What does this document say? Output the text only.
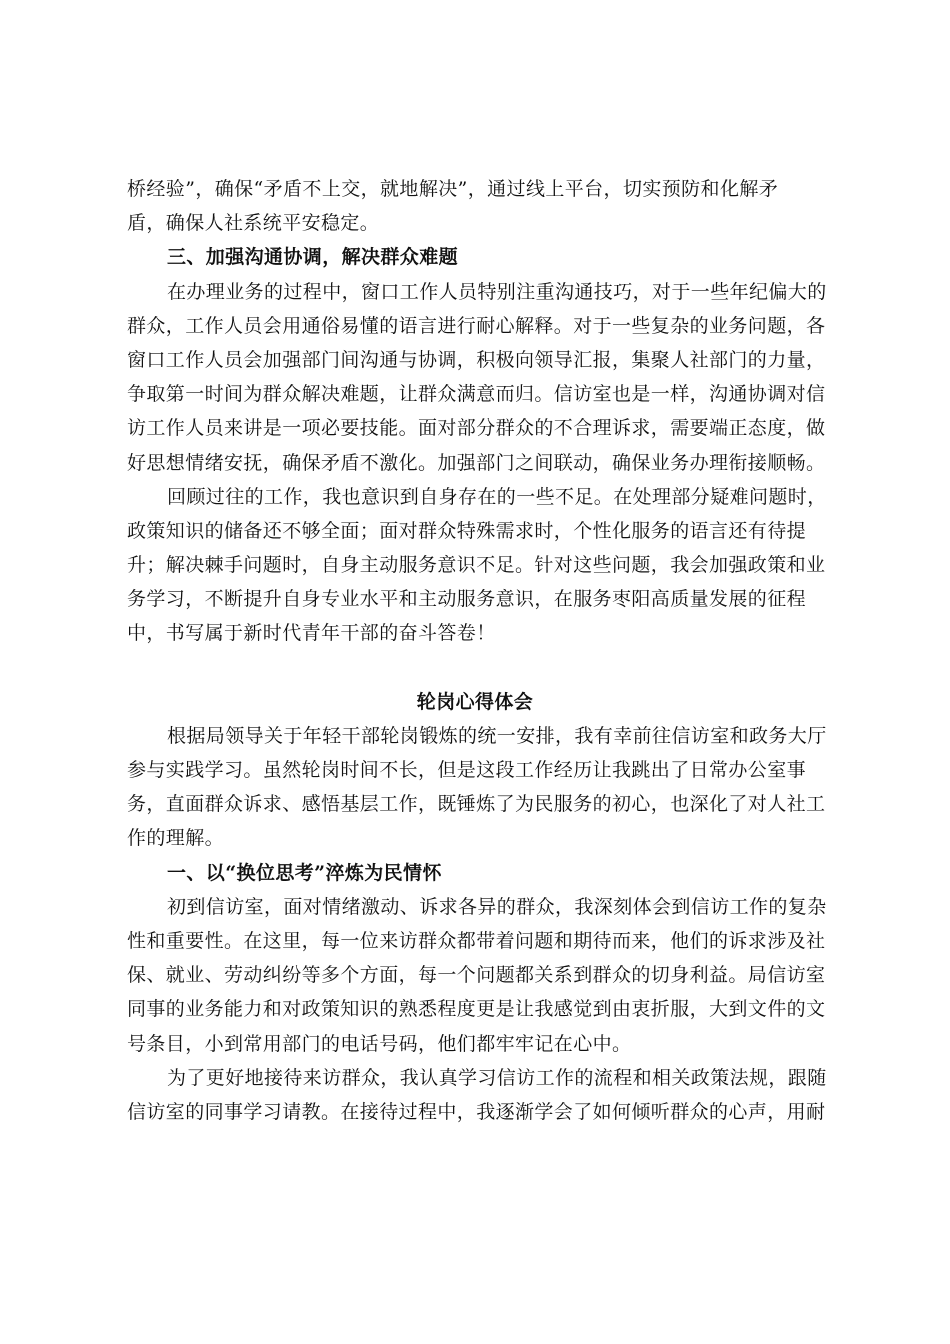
桥经验”，确保“矛盾不上交，就地解决”，通过线上平台，切实预防和化解矛
盾，确保人社系统平安稳定。
三、加强沟通协调，解决群众难题
在办理业务的过程中，窗口工作人员特别注重沟通技巧，对于一些年纪偏大的
群众，工作人员会用通俗易懂的语言进行耐心解释。对于一些复杂的业务问题，各
窗口工作人员会加强部门间沟通与协调，积极向领导汇报，集聚人社部门的力量，
争取第一时间为群众解决难题，让群众满意而归。信访室也是一样，沟通协调对信
访工作人员来讲是一项必要技能。面对部分群众的不合理诉求，需要端正态度，做
好思想情绪安抚，确保矛盾不激化。加强部门之间联动，确保业务办理衔接顺畅。
回顾过往的工作，我也意识到自身存在的一些不足。在处理部分疑难问题时，
政策知识的储备还不够全面；面对群众特殊需求时，个性化服务的语言还有待提
升；解决棘手问题时，自身主动服务意识不足。针对这些问题，我会加强政策和业
务学习，不断提升自身专业水平和主动服务意识，在服务枣阳高质量发展的征程
中，书写属于新时代青年干部的奋斗答卷！
轮岗心得体会
根据局领导关于年轻干部轮岗锻炼的统一安排，我有幸前往信访室和政务大厅
参与实践学习。虽然轮岗时间不长，但是这段工作经历让我跳出了日常办公室事
务，直面群众诉求、感悟基层工作，既锤炼了为民服务的初心，也深化了对人社工
作的理解。
一、以“换位思考”淬炼为民情怀
初到信访室，面对情绪激动、诉求各异的群众，我深刻体会到信访工作的复杂
性和重要性。在这里，每一位来访群众都带着问题和期待而来，他们的诉求涉及社
保、就业、劳动纠纷等多个方面，每一个问题都关系到群众的切身利益。局信访室
同事的业务能力和对政策知识的熟悉程度更是让我感觉到由衷折服，大到文件的文
号条目，小到常用部门的电话号码，他们都牢牢记在心中。
为了更好地接待来访群众，我认真学习信访工作的流程和相关政策法规，跟随
信访室的同事学习请教。在接待过程中，我逐渐学会了如何倾听群众的心声，用耐
